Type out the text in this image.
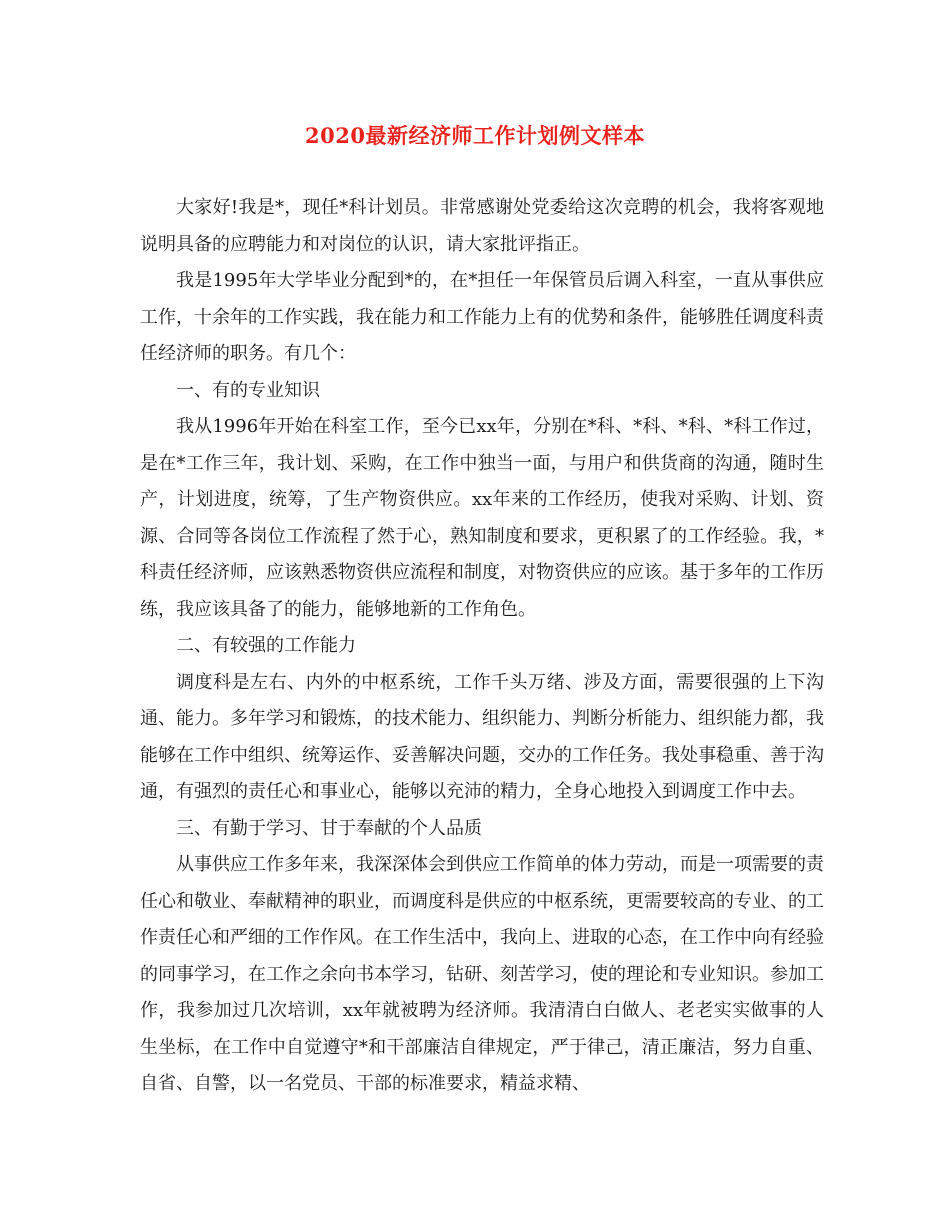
2020最新经济师工作计划例文样本

大家好!我是*，现任*科计划员。非常感谢处党委给这次竞聘的机会，我将客观地说明具备的应聘能力和对岗位的认识，请大家批评指正。

我是1995年大学毕业分配到*的，在*担任一年保管员后调入科室，一直从事供应工作，十余年的工作实践，我在能力和工作能力上有的优势和条件，能够胜任调度科责任经济师的职务。有几个：

一、有的专业知识

我从1996年开始在科室工作，至今已xx年，分别在*科、*科、*科、*科工作过，是在*工作三年，我计划、采购，在工作中独当一面，与用户和供货商的沟通，随时生产，计划进度，统筹，了生产物资供应。xx年来的工作经历，使我对采购、计划、资源、合同等各岗位工作流程了然于心，熟知制度和要求，更积累了的工作经验。我，*科责任经济师，应该熟悉物资供应流程和制度，对物资供应的应该。基于多年的工作历练，我应该具备了的能力，能够地新的工作角色。

二、有较强的工作能力

调度科是左右、内外的中枢系统，工作千头万绪、涉及方面，需要很强的上下沟通、能力。多年学习和锻炼，的技术能力、组织能力、判断分析能力、组织能力都，我能够在工作中组织、统筹运作、妥善解决问题，交办的工作任务。我处事稳重、善于沟通，有强烈的责任心和事业心，能够以充沛的精力，全身心地投入到调度工作中去。

三、有勤于学习、甘于奉献的个人品质

从事供应工作多年来，我深深体会到供应工作简单的体力劳动，而是一项需要的责任心和敬业、奉献精神的职业，而调度科是供应的中枢系统，更需要较高的专业、的工作责任心和严细的工作作风。在工作生活中，我向上、进取的心态，在工作中向有经验的同事学习，在工作之余向书本学习，钻研、刻苦学习，使的理论和专业知识。参加工作，我参加过几次培训，xx年就被聘为经济师。我清清白白做人、老老实实做事的人生坐标，在工作中自觉遵守*和干部廉洁自律规定，严于律己，清正廉洁，努力自重、自省、自警，以一名党员、干部的标准要求，精益求精、
